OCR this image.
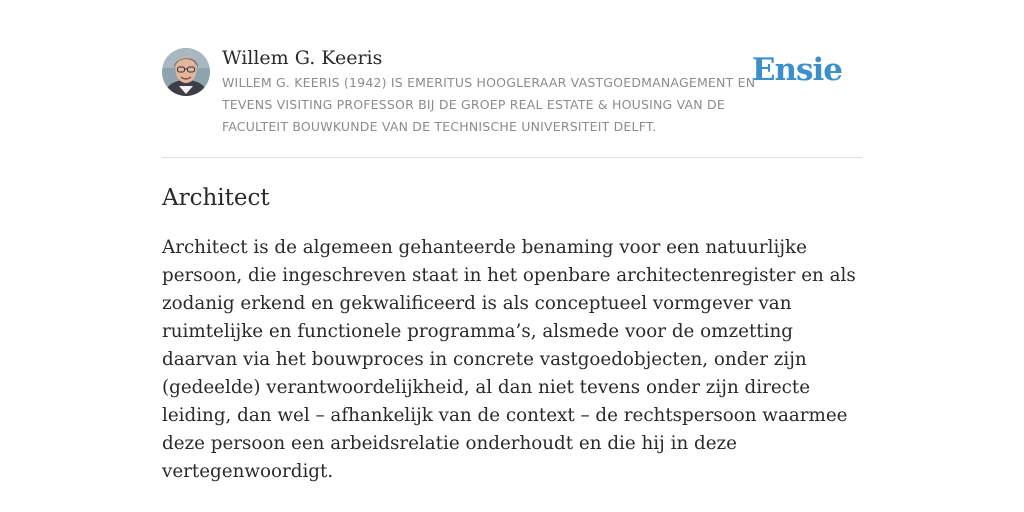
Willem G. Keeris
WILLEM G. KEERIS (1942) IS EMERITUS HOOGLERAAR VASTGOEDMANAGEMENT EN TEVENS VISITING PROFESSOR BIJ DE GROEP REAL ESTATE & HOUSING VAN DE FACULTEIT BOUWKUNDE VAN DE TECHNISCHE UNIVERSITEIT DELFT.
Ensie
Architect

Architect is de algemeen gehanteerde benaming voor een natuurlijke persoon, die ingeschreven staat in het openbare architectenregister en als zodanig erkend en gekwalificeerd is als conceptueel vormgever van ruimtelijke en functionele programma’s, alsmede voor de omzetting daarvan via het bouwproces in concrete vastgoedobjecten, onder zijn (gedeelde) verantwoordelijkheid, al dan niet tevens onder zijn directe leiding, dan wel – afhankelijk van de context – de rechtspersoon waarmee deze persoon een arbeidsrelatie onderhoudt en die hij in deze vertegenwoordigt.
